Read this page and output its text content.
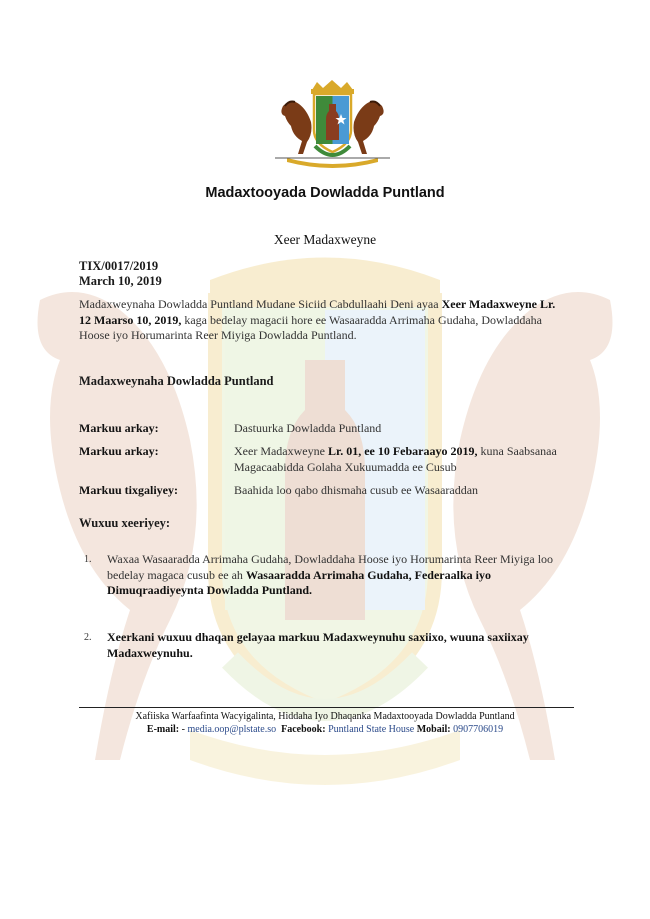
Madaxtooyada Dowladda Puntland
Xeer Madaxweyne
TIX/0017/2019
March 10, 2019
Madaxweynaha Dowladda Puntland Mudane Siciid Cabdullaahi Deni ayaa Xeer Madaxweyne Lr. 12 Maarso 10, 2019, kaga bedelay magacii hore ee Wasaaradda Arrimaha Gudaha, Dowladdaha Hoose iyo Horumarinta Reer Miyiga Dowladda Puntland.
Madaxweynaha Dowladda Puntland
Markuu arkay:	Dastuurka Dowladda Puntland
Markuu arkay:	Xeer Madaxweyne Lr. 01, ee 10 Febaraayo 2019, kuna Saabsanaa Magacaabidda Golaha Xukuumadda ee Cusub
Markuu tixgaliyey:	Baahida loo qabo dhismaha cusub ee Wasaaraddan
Wuxuu xeeriyey:
1. Waxaa Wasaaradda Arrimaha Gudaha, Dowladdaha Hoose iyo Horumarinta Reer Miyiga loo bedelay magaca cusub ee ah Wasaaradda Arrimaha Gudaha, Federaalka iyo Dimuqraadiyeynta Dowladda Puntland.
2. Xeerkani wuxuu dhaqan gelayaa markuu Madaxweynuhu saxiixo, wuuna saxiixay Madaxweynuhu.
Xafiiska Warfaafinta Wacyigalinta, Hiddaha Iyo Dhaqanka Madaxtooyada Dowladda Puntland
E-mail: - media.oop@plstate.so Facebook: Puntland State House Mobail: 0907706019
